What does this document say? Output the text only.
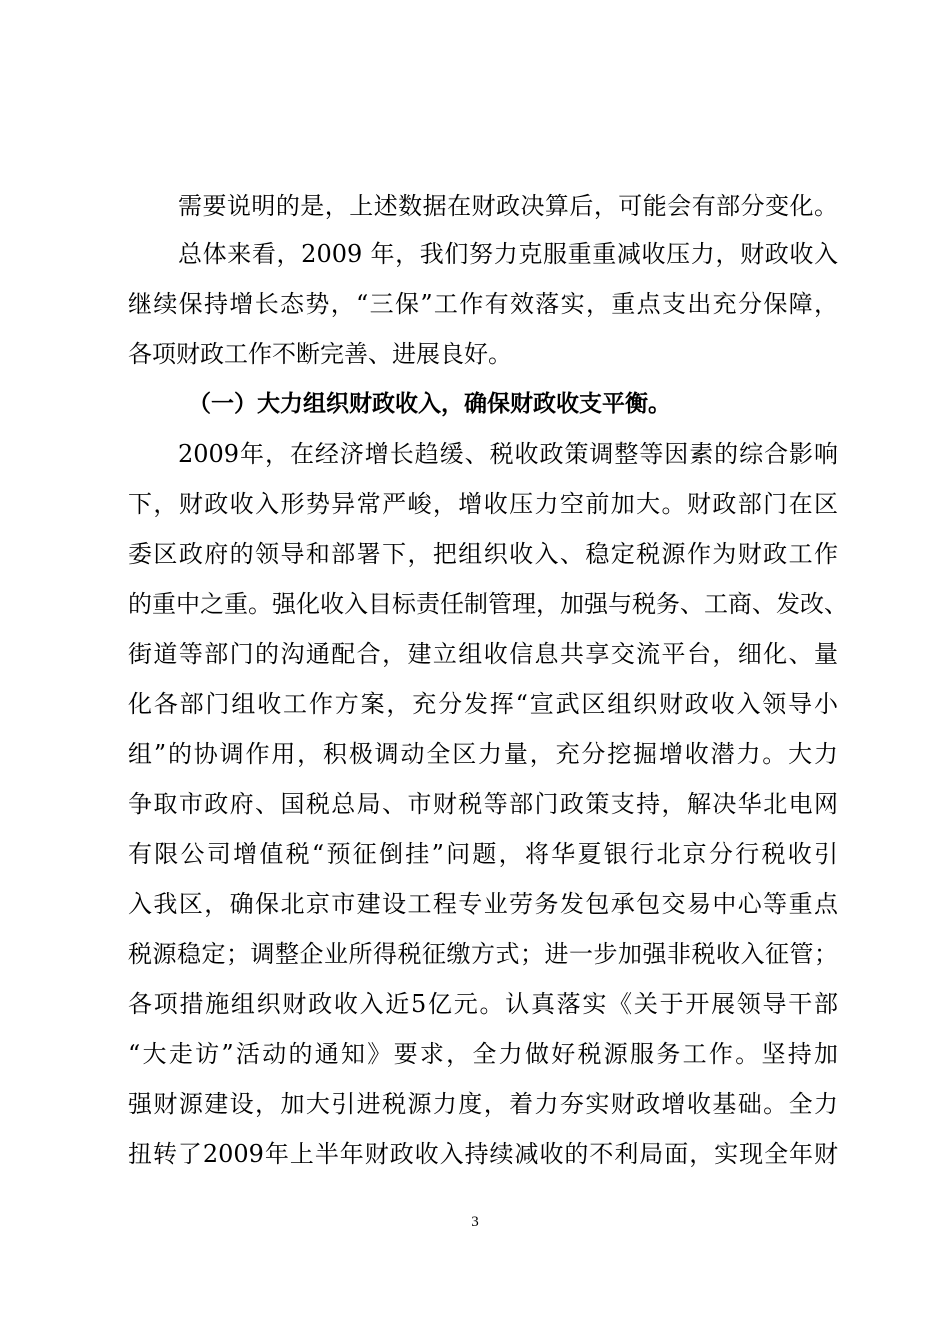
需要说明的是，上述数据在财政决算后，可能会有部分变化。
总体来看，2009 年，我们努力克服重重减收压力，财政收入
继续保持增长态势，“三保”工作有效落实，重点支出充分保障，
各项财政工作不断完善、进展良好。
（一）大力组织财政收入，确保财政收支平衡。
2009年，在经济增长趋缓、税收政策调整等因素的综合影响
下，财政收入形势异常严峻，增收压力空前加大。财政部门在区
委区政府的领导和部署下，把组织收入、稳定税源作为财政工作
的重中之重。强化收入目标责任制管理，加强与税务、工商、发改、
街道等部门的沟通配合，建立组收信息共享交流平台，细化、量
化各部门组收工作方案，充分发挥“宣武区组织财政收入领导小
组”的协调作用，积极调动全区力量，充分挖掘增收潜力。大力
争取市政府、国税总局、市财税等部门政策支持，解决华北电网
有限公司增值税“预征倒挂”问题，将华夏银行北京分行税收引
入我区，确保北京市建设工程专业劳务发包承包交易中心等重点
税源稳定；调整企业所得税征缴方式；进一步加强非税收入征管；
各项措施组织财政收入近5亿元。认真落实《关于开展领导干部
“大走访”活动的通知》要求，全力做好税源服务工作。坚持加
强财源建设，加大引进税源力度，着力夯实财政增收基础。全力
扭转了2009年上半年财政收入持续减收的不利局面，实现全年财
3
